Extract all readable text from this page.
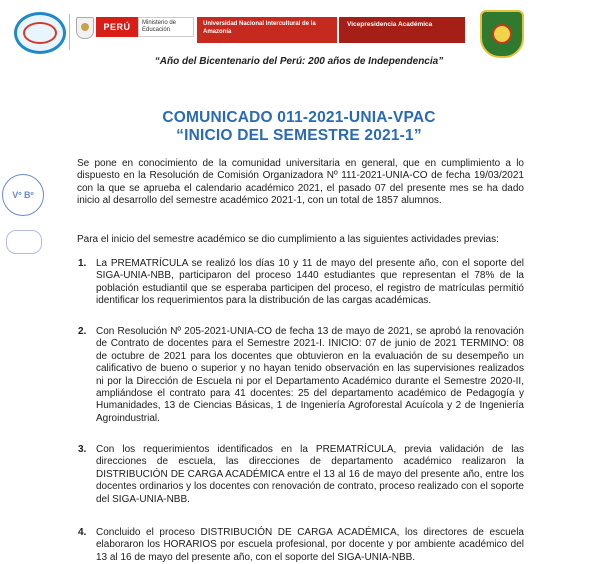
PERÚ	Ministerio de Educación
Universidad Nacional Intercultural de la Amazonía
Vicepresidencia Académica
“Año del Bicentenario del Perú: 200 años de Independencia”
Vº Bº
COMUNICADO 011-2021-UNIA-VPAC
“INICIO DEL SEMESTRE 2021-1”
Se pone en conocimiento de la comunidad universitaria en general, que en cumplimiento a lo dispuesto en la Resolución de Comisión Organizadora Nº 111-2021-UNIA-CO de fecha 19/03/2021 con la que se aprueba el calendario académico 2021, el pasado 07 del presente mes se ha dado inicio al desarrollo del semestre académico 2021-1, con un total de 1857 alumnos.
Para el inicio del semestre académico se dio cumplimiento a las siguientes actividades previas:
1. La PREMATRÍCULA se realizó los días 10 y 11 de mayo del presente año, con el soporte del SIGA-UNIA-NBB, participaron del proceso 1440 estudiantes que representan el 78% de la población estudiantil que se esperaba participen del proceso, el registro de matrículas permitió identificar los requerimientos para la distribución de las cargas académicas.
2. Con Resolución Nº 205-2021-UNIA-CO de fecha 13 de mayo de 2021, se aprobó la renovación de Contrato de docentes para el Semestre 2021-I. INICIO: 07 de junio de 2021 TERMINO: 08 de octubre de 2021 para los docentes que obtuvieron en la evaluación de su desempeño un calificativo de bueno o superior y no hayan tenido observación en las supervisiones realizados ni por la Dirección de Escuela ni por el Departamento Académico durante el Semestre 2020-II, ampliándose el contrato para 41 docentes: 25 del departamento académico de Pedagogía y Humanidades, 13 de Ciencias Básicas, 1 de Ingeniería Agroforestal Acuícola y 2 de Ingeniería Agroindustrial.
3. Con los requerimientos identificados en la PREMATRÍCULA, previa validación de las direcciones de escuela, las direcciones de departamento académico realizaron la DISTRIBUCIÓN DE CARGA ACADÉMICA entre el 13 al 16 de mayo del presente año, entre los docentes ordinarios y los docentes con renovación de contrato, proceso realizado con el soporte del SIGA-UNIA-NBB.
4. Concluido el proceso DISTRIBUCIÓN DE CARGA ACADÉMICA, los directores de escuela elaboraron los HORARIOS por escuela profesional, por docente y por ambiente académico del 13 al 16 de mayo del presente año, con el soporte del SIGA-UNIA-NBB.
